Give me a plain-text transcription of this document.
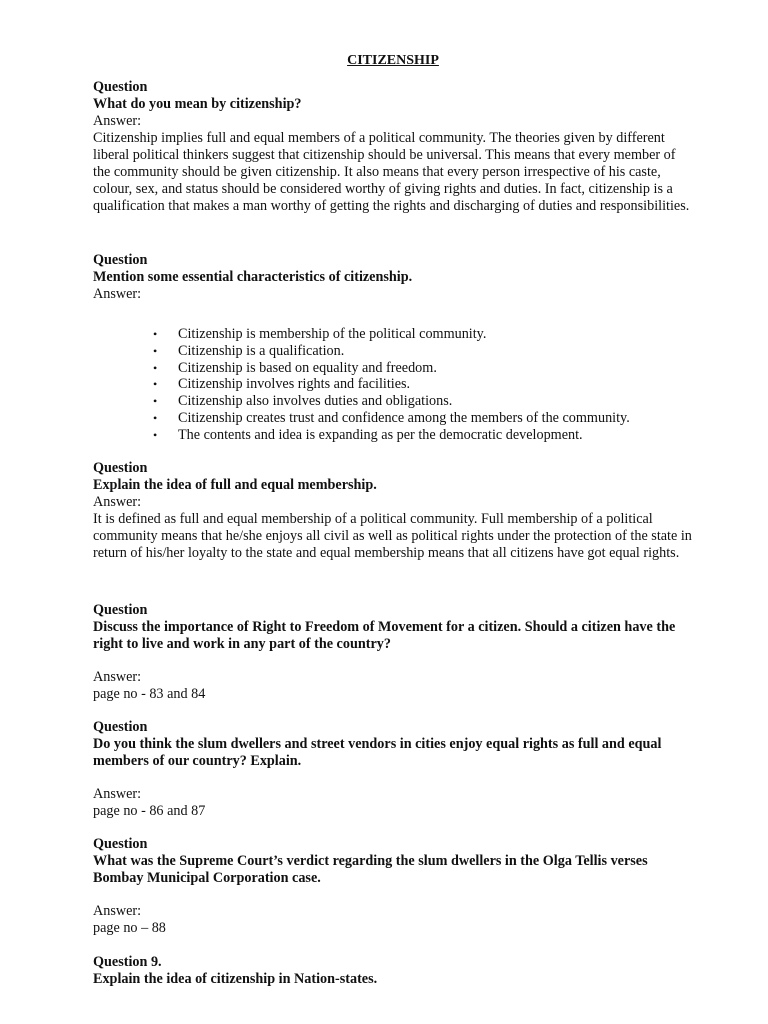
CITIZENSHIP
Question
What do you mean by citizenship?
Answer:

Citizenship implies full and equal members of a political community. The theories given by different liberal political thinkers suggest that citizenship should be universal. This means that every member of the community should be given citizenship. It also means that every person irrespective of his caste, colour, sex, and status should be considered worthy of giving rights and duties. In fact, citizenship is a qualification that makes a man worthy of getting the rights and discharging of duties and responsibilities.

Question
Mention some essential characteristics of citizenship.
Answer:
• Citizenship is membership of the political community.
• Citizenship is a qualification.
• Citizenship is based on equality and freedom.
• Citizenship involves rights and facilities.
• Citizenship also involves duties and obligations.
• Citizenship creates trust and confidence among the members of the community.
• The contents and idea is expanding as per the democratic development.
Question
Explain the idea of full and equal membership.
Answer:

It is defined as full and equal membership of a political community. Full membership of a political community means that he/she enjoys all civil as well as political rights under the protection of the state in return of his/her loyalty to the state and equal membership means that all citizens have got equal rights.

Question
Discuss the importance of Right to Freedom of Movement for a citizen. Should a citizen have the right to live and work in any part of the country?
Answer:
page no - 83 and 84
Question
Do you think the slum dwellers and street vendors in cities enjoy equal rights as full and equal members of our country? Explain.
Answer:
page no - 86 and 87
Question
What was the Supreme Court’s verdict regarding the slum dwellers in the Olga Tellis verses Bombay Municipal Corporation case.
Answer:
page no – 88
Question 9.
Explain the idea of citizenship in Nation-states.
